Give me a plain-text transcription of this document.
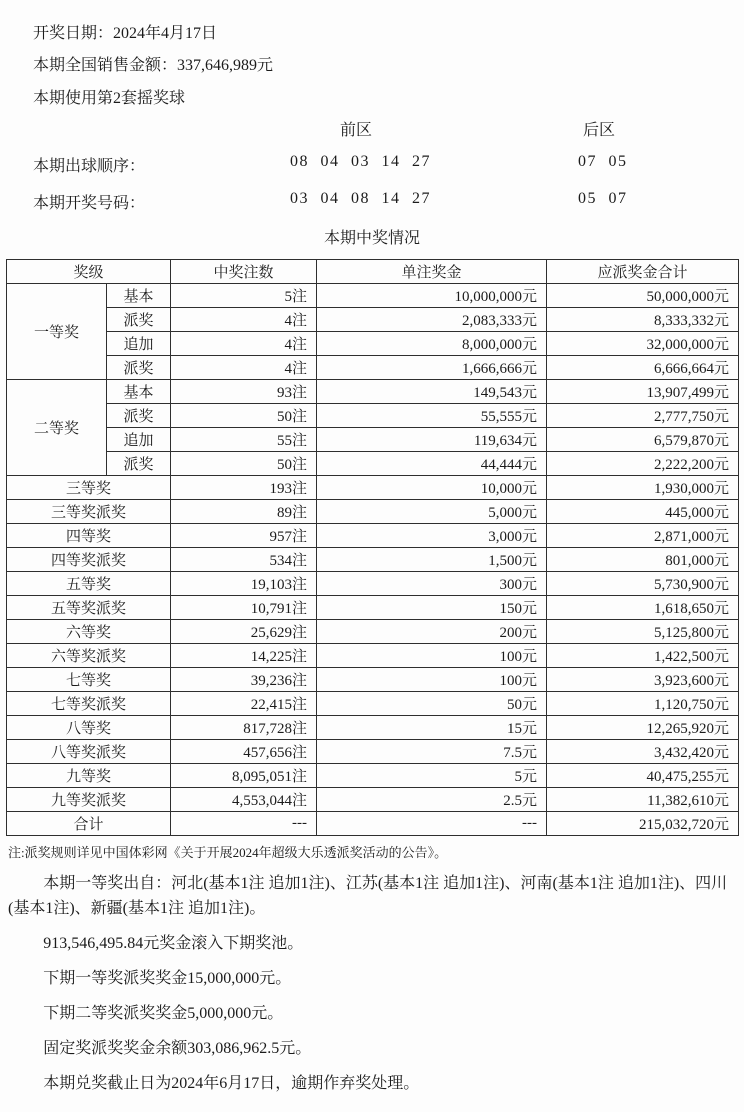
开奖日期：2024年4月17日
本期全国销售金额：337,646,989元
本期使用第2套摇奖球
前区	后区
本期出球顺序：	08 04 03 14 27	07 05
本期开奖号码：	03 04 08 14 27	05 07
本期中奖情况
奖级		中奖注数	单注奖金	应派奖金合计
一等奖	基本	5注	10,000,000元	50,000,000元
	派奖	4注	2,083,333元	8,333,332元
	追加	4注	8,000,000元	32,000,000元
	派奖	4注	1,666,666元	6,666,664元
二等奖	基本	93注	149,543元	13,907,499元
	派奖	50注	55,555元	2,777,750元
	追加	55注	119,634元	6,579,870元
	派奖	50注	44,444元	2,222,200元
三等奖		193注	10,000元	1,930,000元
三等奖派奖		89注	5,000元	445,000元
四等奖		957注	3,000元	2,871,000元
四等奖派奖		534注	1,500元	801,000元
五等奖		19,103注	300元	5,730,900元
五等奖派奖		10,791注	150元	1,618,650元
六等奖		25,629注	200元	5,125,800元
六等奖派奖		14,225注	100元	1,422,500元
七等奖		39,236注	100元	3,923,600元
七等奖派奖		22,415注	50元	1,120,750元
八等奖		817,728注	15元	12,265,920元
八等奖派奖		457,656注	7.5元	3,432,420元
九等奖		8,095,051注	5元	40,475,255元
九等奖派奖		4,553,044注	2.5元	11,382,610元
合计		---	---	215,032,720元
注:派奖规则详见中国体彩网《关于开展2024年超级大乐透派奖活动的公告》。
本期一等奖出自：河北(基本1注 追加1注)、江苏(基本1注 追加1注)、河南(基本1注 追加1注)、四川(基本1注)、新疆(基本1注 追加1注)。
913,546,495.84元奖金滚入下期奖池。
下期一等奖派奖奖金15,000,000元。
下期二等奖派奖奖金5,000,000元。
固定奖派奖奖金余额303,086,962.5元。
本期兑奖截止日为2024年6月17日，逾期作弃奖处理。
